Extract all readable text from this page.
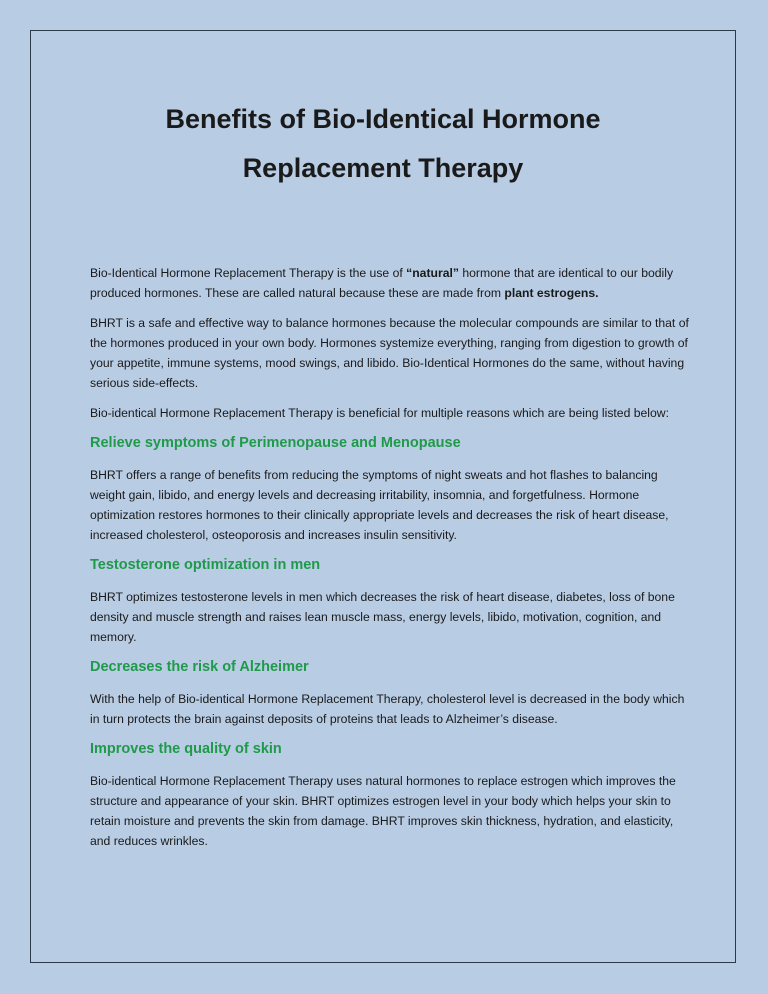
Benefits of Bio-Identical Hormone
Replacement Therapy

Bio-Identical Hormone Replacement Therapy is the use of “natural” hormone that are identical to our bodily produced hormones. These are called natural because these are made from plant estrogens.

BHRT is a safe and effective way to balance hormones because the molecular compounds are similar to that of the hormones produced in your own body. Hormones systemize everything, ranging from digestion to growth of your appetite, immune systems, mood swings, and libido. Bio-Identical Hormones do the same, without having serious side-effects.

Bio-identical Hormone Replacement Therapy is beneficial for multiple reasons which are being listed below:

Relieve symptoms of Perimenopause and Menopause

BHRT offers a range of benefits from reducing the symptoms of night sweats and hot flashes to balancing weight gain, libido, and energy levels and decreasing irritability, insomnia, and forgetfulness. Hormone optimization restores hormones to their clinically appropriate levels and decreases the risk of heart disease, increased cholesterol, osteoporosis and increases insulin sensitivity.

Testosterone optimization in men

BHRT optimizes testosterone levels in men which decreases the risk of heart disease, diabetes, loss of bone density and muscle strength and raises lean muscle mass, energy levels, libido, motivation, cognition, and memory.

Decreases the risk of Alzheimer

With the help of Bio-identical Hormone Replacement Therapy, cholesterol level is decreased in the body which in turn protects the brain against deposits of proteins that leads to Alzheimer’s disease.

Improves the quality of skin

Bio-identical Hormone Replacement Therapy uses natural hormones to replace estrogen which improves the structure and appearance of your skin. BHRT optimizes estrogen level in your body which helps your skin to retain moisture and prevents the skin from damage. BHRT improves skin thickness, hydration, and elasticity, and reduces wrinkles.
